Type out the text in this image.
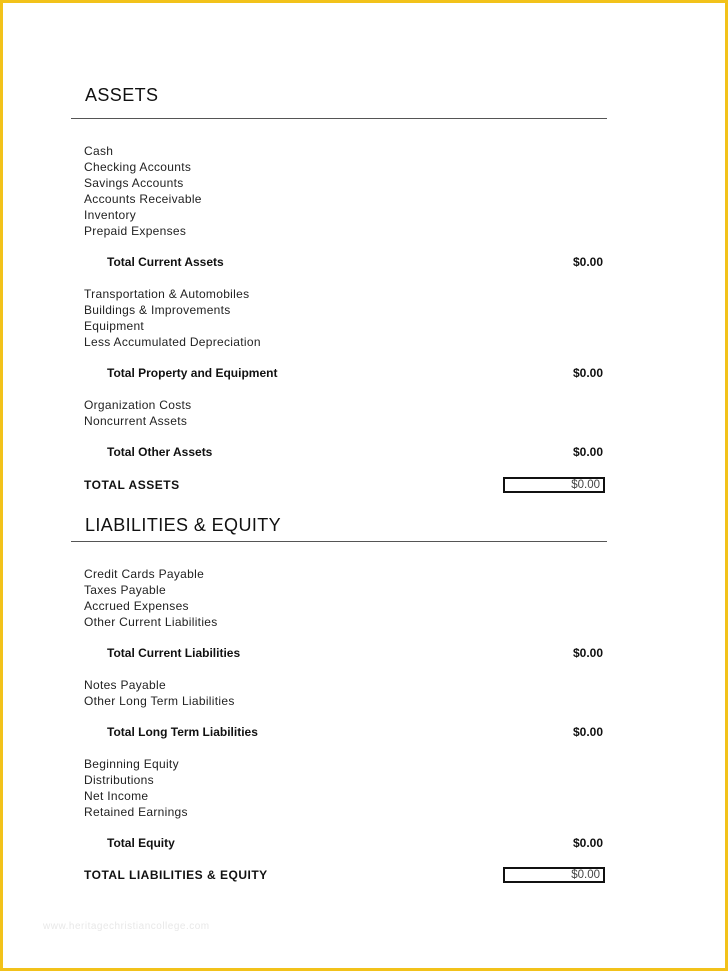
ASSETS
Cash
Checking Accounts
Savings Accounts
Accounts Receivable
Inventory
Prepaid Expenses
Total Current Assets	$0.00
Transportation & Automobiles
Buildings & Improvements
Equipment
Less Accumulated Depreciation
Total Property and Equipment	$0.00
Organization Costs
Noncurrent Assets
Total Other Assets	$0.00
TOTAL ASSETS	$0.00
LIABILITIES & EQUITY
Credit Cards Payable
Taxes Payable
Accrued Expenses
Other Current Liabilities
Total Current Liabilities	$0.00
Notes Payable
Other Long Term Liabilities
Total Long Term Liabilities	$0.00
Beginning Equity
Distributions
Net Income
Retained Earnings
Total Equity	$0.00
TOTAL LIABILITIES & EQUITY	$0.00
www.heritagechristiancollege.com
